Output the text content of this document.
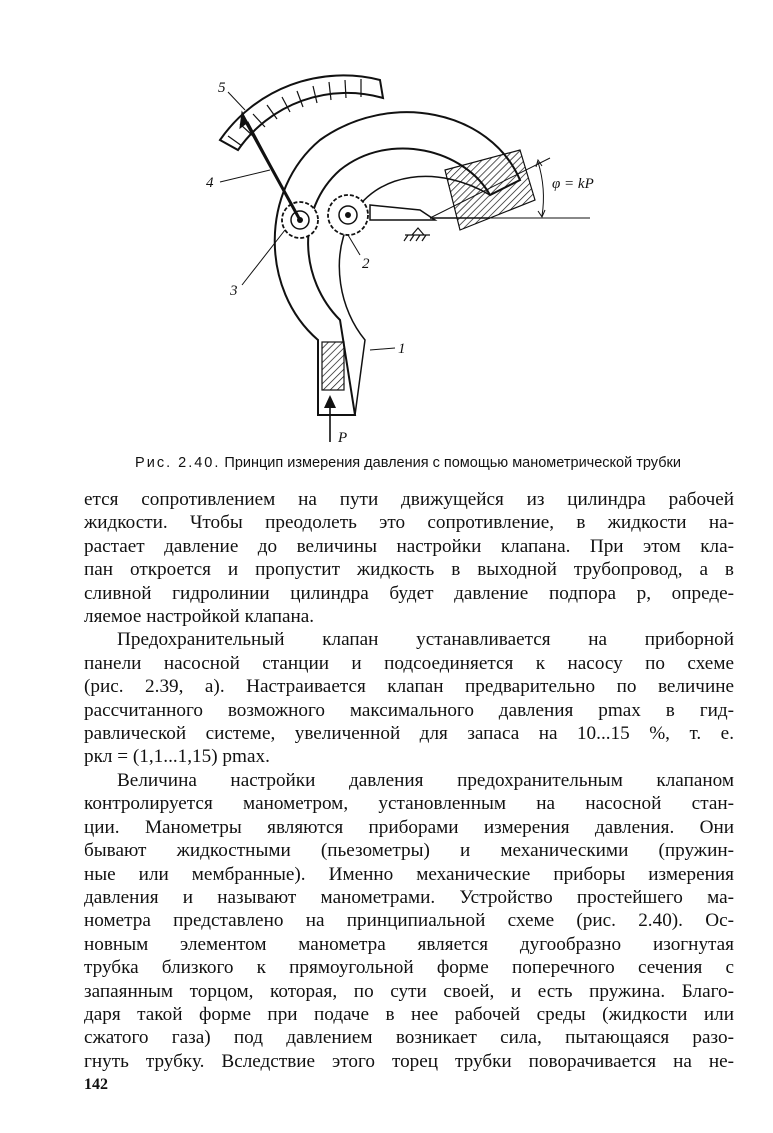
5
4
3
2
1
φ = kP
P
Рис. 2.40. Принцип измерения давления с помощью манометрической трубки

ется сопротивлением на пути движущейся из цилиндра рабочей
жидкости. Чтобы преодолеть это сопротивление, в жидкости на-
растает давление до величины настройки клапана. При этом кла-
пан откроется и пропустит жидкость в выходной трубопровод, а в
сливной гидролинии цилиндра будет давление подпора p, опреде-
ляемое настройкой клапана.

Предохранительный клапан устанавливается на приборной
панели насосной станции и подсоединяется к насосу по схеме
(рис. 2.39, а). Настраивается клапан предварительно по величине
рассчитанного возможного максимального давления pmax в гид-
равлической системе, увеличенной для запаса на 10...15 %, т. е.
pкл = (1,1...1,15) pmax.

Величина настройки давления предохранительным клапаном
контролируется манометром, установленным на насосной стан-
ции. Манометры являются приборами измерения давления. Они
бывают жидкостными (пьезометры) и механическими (пружин-
ные или мембранные). Именно механические приборы измерения
давления и называют манометрами. Устройство простейшего ма-
нометра представлено на принципиальной схеме (рис. 2.40). Ос-
новным элементом манометра является дугообразно изогнутая
трубка близкого к прямоугольной форме поперечного сечения с
запаянным торцом, которая, по сути своей, и есть пружина. Благо-
даря такой форме при подаче в нее рабочей среды (жидкости или
сжатого газа) под давлением возникает сила, пытающаяся разо-
гнуть трубку. Вследствие этого торец трубки поворачивается на не-

142
